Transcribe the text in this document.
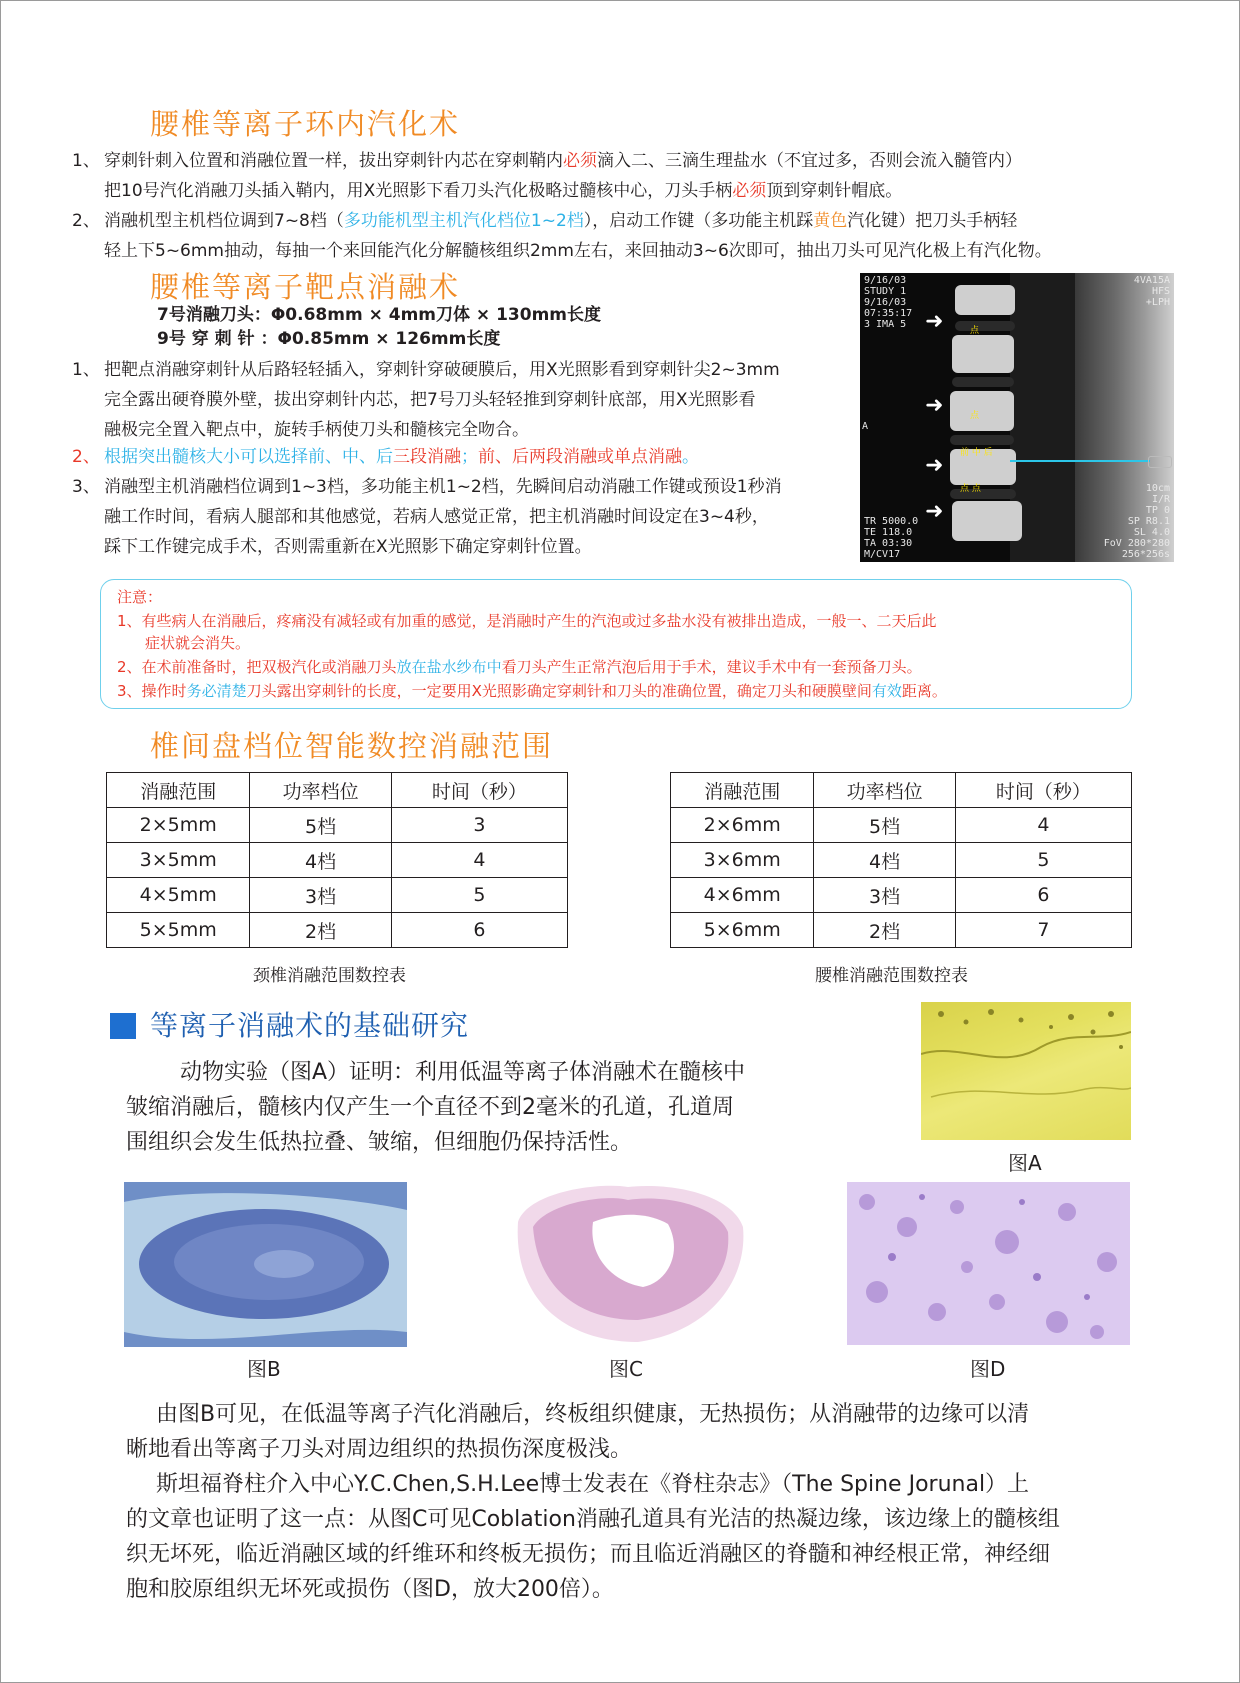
腰椎等离子环内汽化术
1、 穿刺针刺入位置和消融位置一样，拔出穿刺针内芯在穿刺鞘内必须滴入二、三滴生理盐水（不宜过多，否则会流入髓管内）
把10号汽化消融刀头插入鞘内，用X光照影下看刀头汽化极略过髓核中心，刀头手柄必须顶到穿刺针帽底。
2、 消融机型主机档位调到7~8档（多功能机型主机汽化档位1~2档），启动工作键（多功能主机踩黄色汽化键）把刀头手柄轻
轻上下5~6mm抽动，每抽一个来回能汽化分解髓核组织2mm左右，来回抽动3~6次即可，抽出刀头可见汽化极上有汽化物。
腰椎等离子靶点消融术
7号消融刀头：Φ0.68mm × 4mm刀体 × 130mm长度
9号 穿 刺 针 ：Φ0.85mm × 126mm长度
1、 把靶点消融穿刺针从后路轻轻插入，穿刺针穿破硬膜后，用X光照影看到穿刺针尖2~3mm
完全露出硬脊膜外壁，拔出穿刺针内芯，把7号刀头轻轻推到穿刺针底部，用X光照影看
融极完全置入靶点中，旋转手柄使刀头和髓核完全吻合。
2、 根据突出髓核大小可以选择前、中、后三段消融；前、后两段消融或单点消融。
3、 消融型主机消融档位调到1~3档，多功能主机1~2档，先瞬间启动消融工作键或预设1秒消
融工作时间，看病人腿部和其他感觉，若病人感觉正常，把主机消融时间设定在3~4秒，
踩下工作键完成手术，否则需重新在X光照影下确定穿刺针位置。
➜
➜
➜
➜
点
点
前 中 后
点 点
9/16/03
STUDY 1
9/16/03
07:35:17
3 IMA 5
4VA15A
HFS
+LPH
A
TR 5000.0
TE 118.0
TA 03:30
M/CV17
10cm
I/R
TP 0
SP R8.1
SL 4.0
FoV 280*280
256*256s
注意：
1、有些病人在消融后，疼痛没有减轻或有加重的感觉，是消融时产生的汽泡或过多盐水没有被排出造成，一般一、二天后此
症状就会消失。
2、在术前准备时，把双极汽化或消融刀头放在盐水纱布中看刀头产生正常汽泡后用于手术，建议手术中有一套预备刀头。
3、操作时务必清楚刀头露出穿刺针的长度，一定要用X光照影确定穿刺针和刀头的准确位置，确定刀头和硬膜壁间有效距离。
椎间盘档位智能数控消融范围
消融范围	功率档位	时间（秒）
2×5mm	5档	3
3×5mm	4档	4
4×5mm	3档	5
5×5mm	2档	6
颈椎消融范围数控表
消融范围	功率档位	时间（秒）
2×6mm	5档	4
3×6mm	4档	5
4×6mm	3档	6
5×6mm	2档	7
腰椎消融范围数控表
等离子消融术的基础研究
动物实验（图A）证明：利用低温等离子体消融术在髓核中
皱缩消融后，髓核内仅产生一个直径不到2毫米的孔道，孔道周
围组织会发生低热拉叠、皱缩，但细胞仍保持活性。
图A
图B	图C	图D
由图B可见，在低温等离子汽化消融后，终板组织健康，无热损伤；从消融带的边缘可以清
晰地看出等离子刀头对周边组织的热损伤深度极浅。
斯坦福脊柱介入中心Y.C.Chen,S.H.Lee博士发表在《脊柱杂志》（The Spine Jorunal）上
的文章也证明了这一点：从图C可见Coblation消融孔道具有光洁的热凝边缘，该边缘上的髓核组
织无坏死，临近消融区域的纤维环和终板无损伤；而且临近消融区的脊髓和神经根正常，神经细
胞和胶原组织无坏死或损伤（图D，放大200倍）。
